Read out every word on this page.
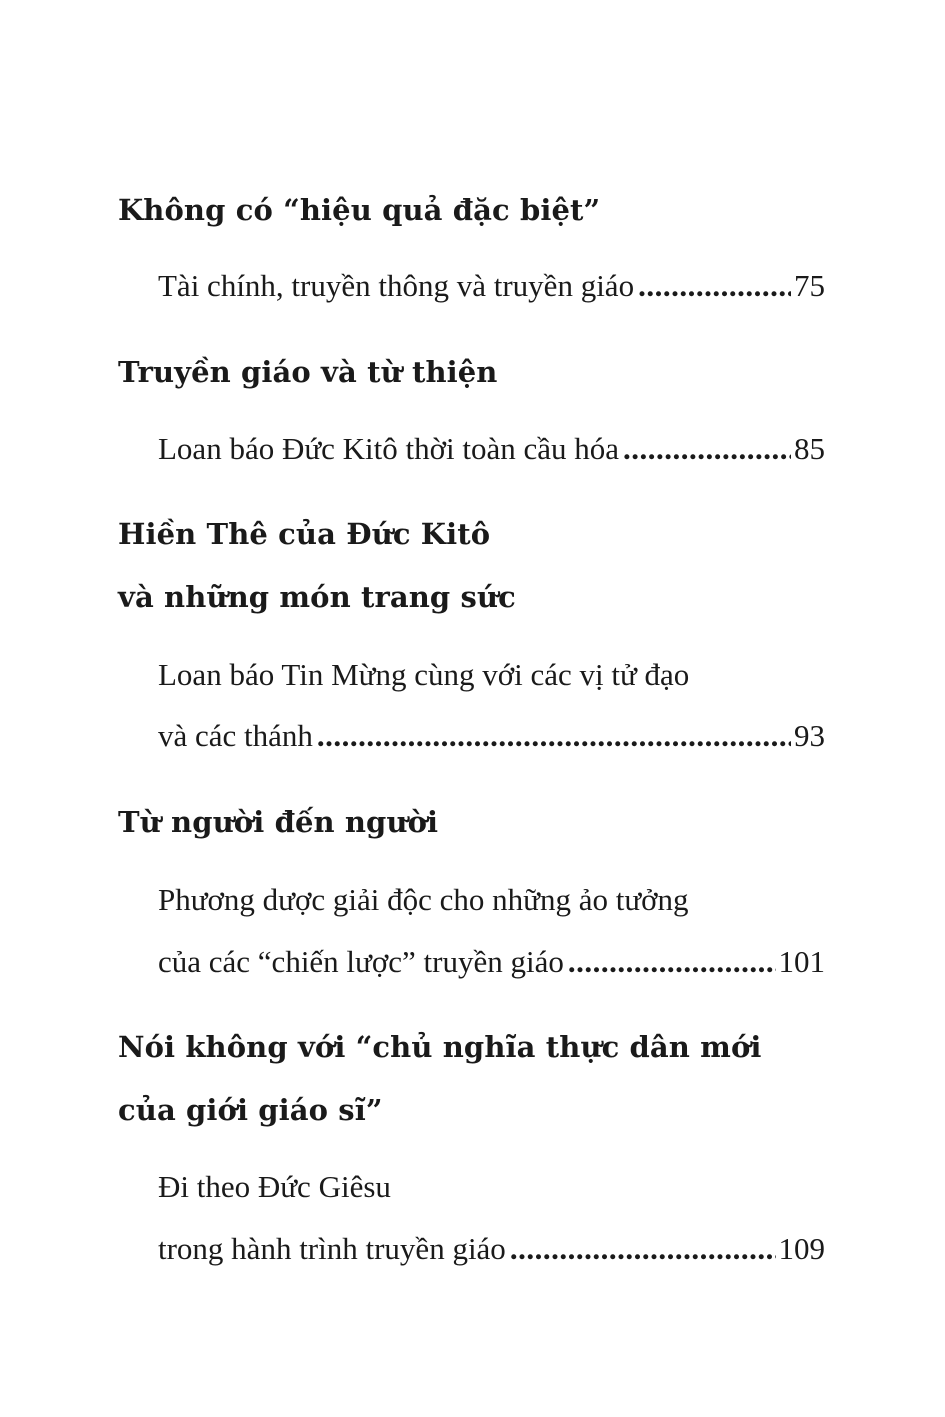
Không có “hiệu quả đặc biệt”
Tài chính, truyền thông và truyền giáo .....	75
Truyền giáo và từ thiện
Loan báo Đức Kitô thời toàn cầu hóa .....	85
Hiền Thê của Đức Kitô
và những món trang sức
Loan báo Tin Mừng cùng với các vị tử đạo
và các thánh .....	93
Từ người đến người
Phương dược giải độc cho những ảo tưởng
của các “chiến lược” truyền giáo .....	101
Nói không với “chủ nghĩa thực dân mới
của giới giáo sĩ”
Đi theo Đức Giêsu
trong hành trình truyền giáo .....	109
